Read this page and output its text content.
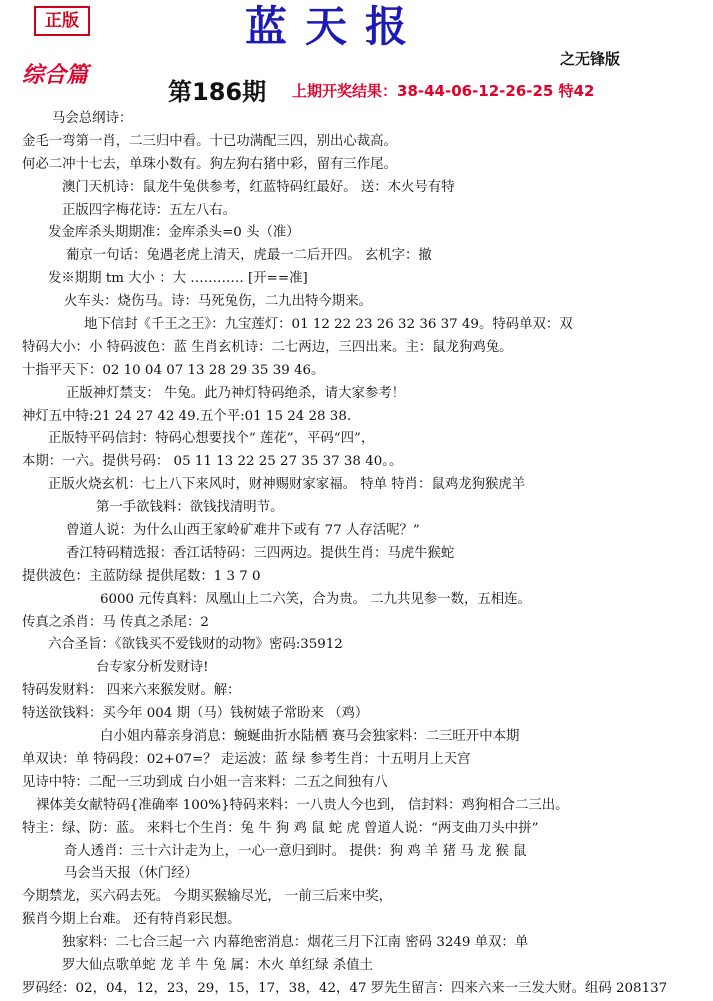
正版	蓝天报
之无锋版
综合篇
第186期 上期开奖结果：38-44-06-12-26-25 特42
马会总纲诗：
金毛一弯第一肖，二三归中看。十已功满配三四，别出心裁高。
何必二冲十七去，单珠小数有。狗左狗右猪中彩，留有三作尾。
澳门天机诗：鼠龙牛兔供参考，红蓝特码红最好。 送：木火号有特
正版四字梅花诗：五左八右。
发金库杀头期期准：金库杀头=0 头（准）
葡京一句话：兔遇老虎上清天，虎最一二后开四。 玄机字：撤
发※期期 tm 大小 ：大 ………… [开==准]
火车头：烧伤马。诗：马死兔伤，二九出特今期来。
地下信封《千王之王》：九宝莲灯：01 12 22 23 26 32 36 37 49。特码单双：双
特码大小：小 特码波色：蓝 生肖玄机诗：二七两边，三四出来。主：鼠龙狗鸡兔。
十指平天下：02 10 04 07 13 28 29 35 39 46。
正版神灯禁支： 牛兔。此乃神灯特码绝杀，请大家参考！
神灯五中特:21 24 27 42 49.五个平:01 15 24 28 38.
正版特平码信封：特码心想要找个“ 莲花”，平码“四”，
本期：一六。提供号码： 05 11 13 22 25 27 35 37 38 40。。
正版火烧玄机：七上八下来风时，财神赐财家家福。 特单 特肖：鼠鸡龙狗猴虎羊
第一手欲钱料：欲钱找清明节。
曾道人说：为什么山西王家岭矿难井下或有 77 人存活呢？”
香江特码精选报：香江话特码：三四两边。提供生肖：马虎牛猴蛇
提供波色：主蓝防绿 提供尾数：1 3 7 0
6000 元传真料：凤凰山上二六笑，合为贵。 二九共见参一数，五相连。
传真之杀肖：马 传真之杀尾：2
六合圣旨：《欲钱买不爱钱财的动物》密码:35912
台专家分析发财诗!
特码发财料： 四来六来猴发财。解：
特送欲钱料：买今年 004 期（马）钱树婊子常盼来 （鸡）
白小姐内幕亲身消息：蜿蜒曲折水陆栖 赛马会独家料：二三旺开中本期
单双诀：单 特码段：02+07=？ 走运波：蓝 绿 参考生肖：十五明月上天宫
见诗中特：二配一三功到成 白小姐一言来料：二五之间独有八
裸体美女献特码{准确率 100%}特码来料：一八贵人今也到， 信封料：鸡狗相合二三出。
特主：绿、防：蓝。 来料七个生肖：兔 牛 狗 鸡 鼠 蛇 虎 曾道人说：“两支曲刀头中拼”
奇人透肖：三十六计走为上，一心一意归到时。 提供：狗 鸡 羊 猪 马 龙 猴 鼠
马会当天报（休门经）
今期禁龙，买六码去死。 今期买猴输尽光， 一前三后来中奖，
猴肖今期上台难。 还有特肖彩民想。
独家料：二七合三起一六 内幕绝密消息：烟花三月下江南 密码 3249 单双：单
罗大仙点歌单蛇 龙 羊 牛 兔 属：木火 单红绿 杀值土
罗码经：02，04，12，23，29，15，17，38，42，47 罗先生留言：四来六来一三发大财。组码 208137
